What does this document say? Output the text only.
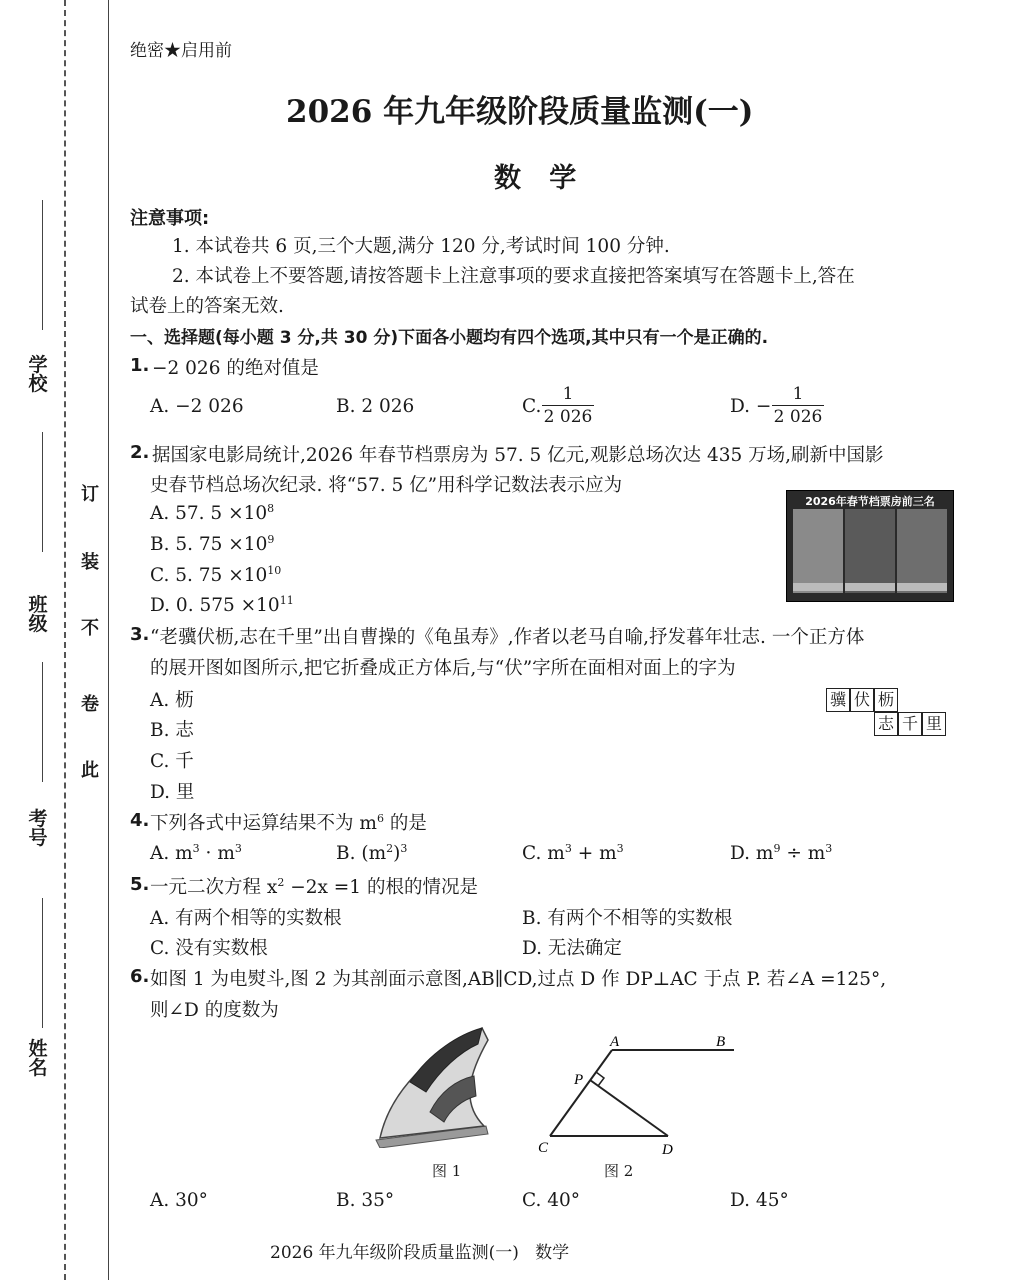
学校
班级
考号
姓名
订
装
不
卷
此
绝密★启用前
2026 年九年级阶段质量监测(一)
数   学
注意事项:
1. 本试卷共 6 页,三个大题,满分 120 分,考试时间 100 分钟.
2. 本试卷上不要答题,请按答题卡上注意事项的要求直接把答案填写在答题卡上,答在
试卷上的答案无效.
一、选择题(每小题 3 分,共 30 分)下面各小题均有四个选项,其中只有一个是正确的.
1. −2 026 的绝对值是
A. −2 026	B. 2 026	C.
1
2 026	D. −
1
2 026
2. 据国家电影局统计,2026 年春节档票房为 57. 5 亿元,观影总场次达 435 万场,刷新中国影
史春节档总场次纪录. 将“57. 5 亿”用科学记数法表示应为
A. 57. $5 \times 10^8$
B. 5. $75 \times 10^9$
C. 5. $75 \times 10^{10}$
D. 0. $575 \times 10^{11}$
2026年春节档票房前三名
3. “老骥伏枥,志在千里”出自曹操的《龟虽寿》,作者以老马自喻,抒发暮年壮志. 一个正方体
的展开图如图所示,把它折叠成正方体后,与“伏”字所在面相对面上的字为
A. 枥
B. 志
C. 千
D. 里
骥 伏 枥
志 千 里
4. 下列各式中运算结果不为 $m^6$ 的是
A. $m^3 \cdot m^3$	B. $(m^2)^3$	C. $m^3 + m^3$	D. $m^9 \div m^3$
5. 一元二次方程 $x^2 -2x =1$ 的根的情况是
A. 有两个相等的实数根	B. 有两个不相等的实数根
C. 没有实数根	D. 无法确定
6. 如图 1 为电熨斗,图 2 为其剖面示意图,AB∥CD,过点 D 作 DP⊥AC 于点 P. 若∠A =125°,
则∠D 的度数为
A	B
P
C	D
图 1	图 2
A. 30°	B. 35°	C. 40°	D. 45°
2026 年九年级阶段质量监测(一)   数学
